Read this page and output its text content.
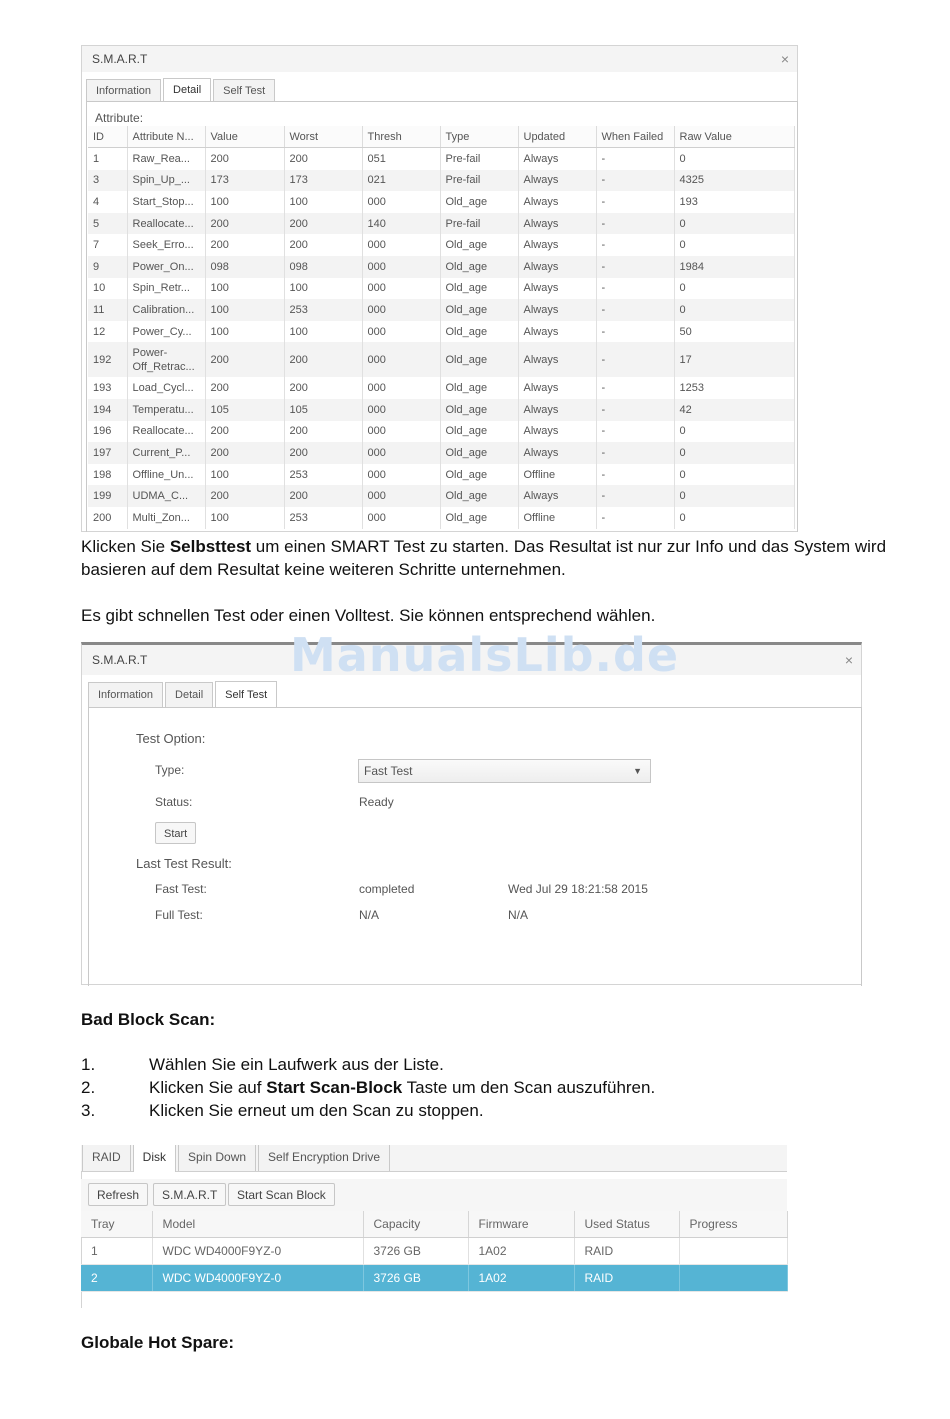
S.M.A.R.T	×
Information	Detail	Self Test
Attribute:
ID	Attribute N...	Value	Worst	Thresh	Type	Updated	When Failed	Raw Value
1	Raw_Rea...	200	200	051	Pre-fail	Always	-	0
3	Spin_Up_...	173	173	021	Pre-fail	Always	-	4325
4	Start_Stop...	100	100	000	Old_age	Always	-	193
5	Reallocate...	200	200	140	Pre-fail	Always	-	0
7	Seek_Erro...	200	200	000	Old_age	Always	-	0
9	Power_On...	098	098	000	Old_age	Always	-	1984
10	Spin_Retr...	100	100	000	Old_age	Always	-	0
11	Calibration...	100	253	000	Old_age	Always	-	0
12	Power_Cy...	100	100	000	Old_age	Always	-	50
192	Power-Off_Retrac...	200	200	000	Old_age	Always	-	17
193	Load_Cycl...	200	200	000	Old_age	Always	-	1253
194	Temperatu...	105	105	000	Old_age	Always	-	42
196	Reallocate...	200	200	000	Old_age	Always	-	0
197	Current_P...	200	200	000	Old_age	Always	-	0
198	Offline_Un...	100	253	000	Old_age	Offline	-	0
199	UDMA_C...	200	200	000	Old_age	Always	-	0
200	Multi_Zon...	100	253	000	Old_age	Offline	-	0
Klicken Sie Selbsttest um einen SMART Test zu starten. Das Resultat ist nur zur Info und das System wird basieren auf dem Resultat keine weiteren Schritte unternehmen.
Es gibt schnellen Test oder einen Volltest. Sie können entsprechend wählen.
S.M.A.R.T	×
Information	Detail	Self Test
Test Option:
Type:	Fast Test	▼
Status:	Ready
Start
Last Test Result:
Fast Test:	completed	Wed Jul 29 18:21:58 2015
Full Test:	N/A	N/A
ManualsLib.de
Bad Block Scan:
1.	Wählen Sie ein Laufwerk aus der Liste.
2.	Klicken Sie auf Start Scan-Block Taste um den Scan auszuführen.
3.	Klicken Sie erneut um den Scan zu stoppen.
RAID	Disk	Spin Down	Self Encryption Drive
Refresh	S.M.A.R.T	Start Scan Block
Tray	Model	Capacity	Firmware	Used Status	Progress
1	WDC WD4000F9YZ-0	3726 GB	1A02	RAID	
2	WDC WD4000F9YZ-0	3726 GB	1A02	RAID	
Globale Hot Spare:
